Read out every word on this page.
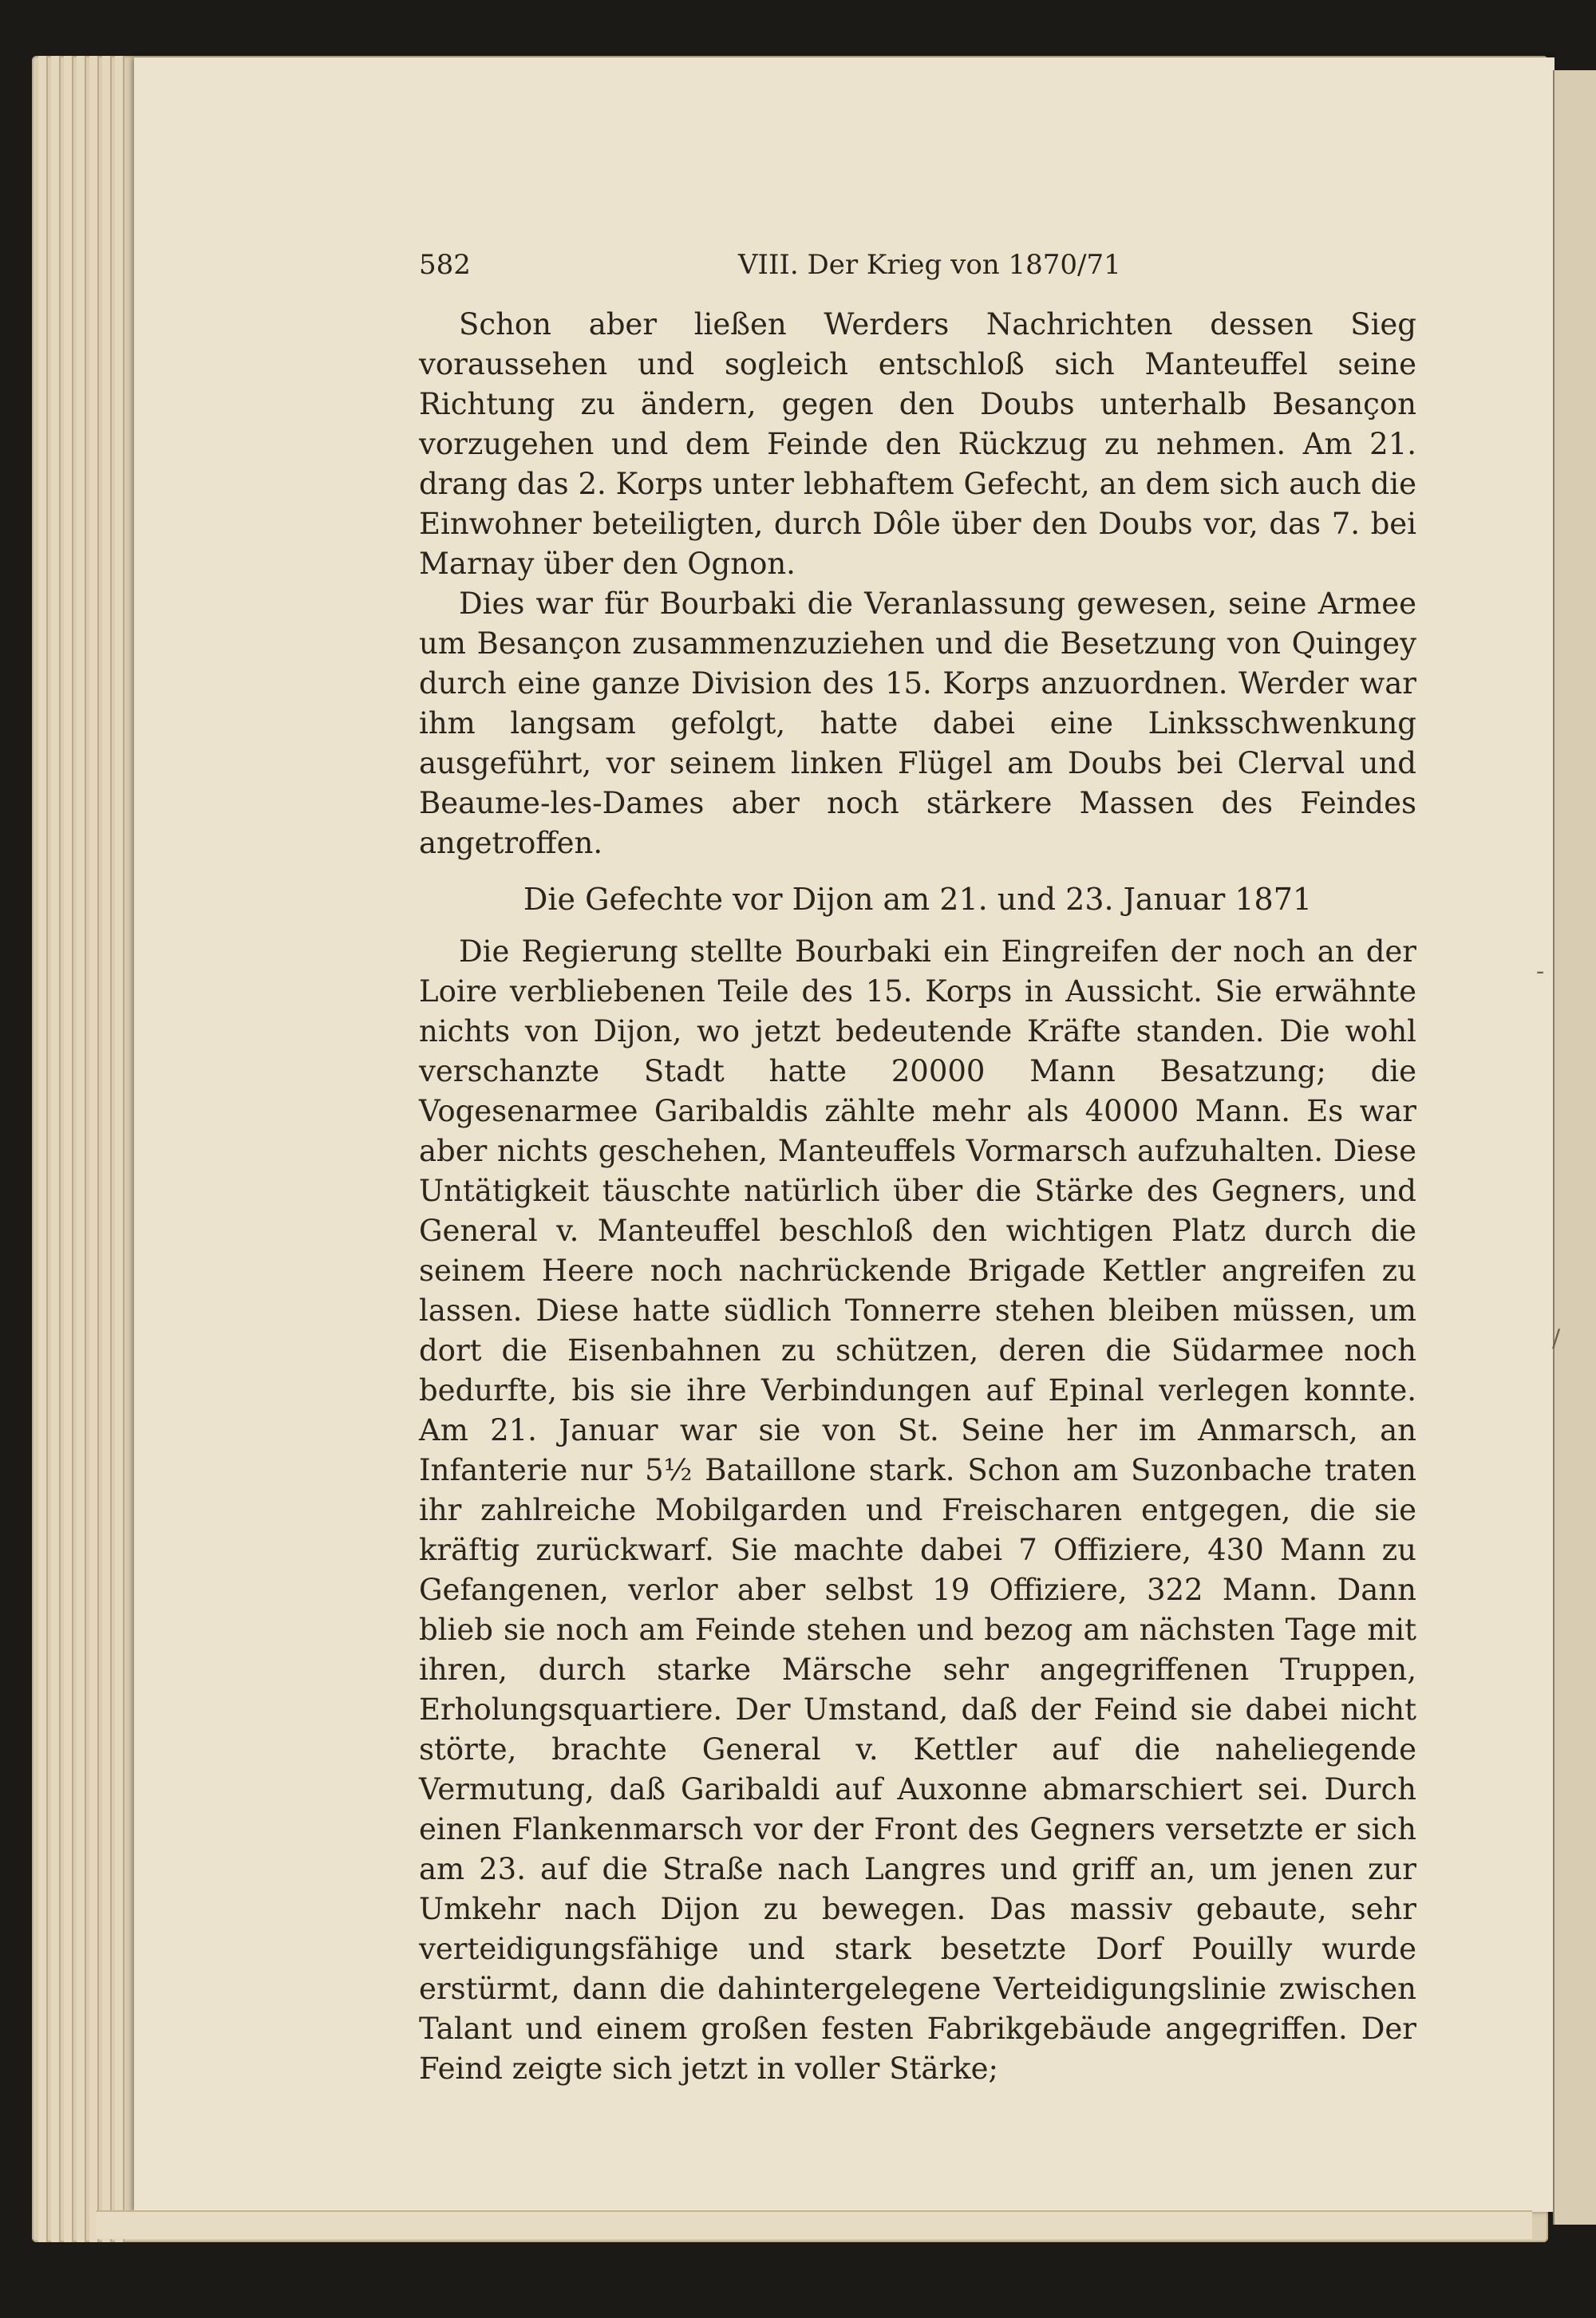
582	VIII. Der Krieg von 1870/71

Schon aber ließen Werders Nachrichten dessen Sieg voraussehen und sogleich entschloß sich Manteuffel seine Richtung zu ändern, gegen den Doubs unterhalb Besançon vorzugehen und dem Feinde den Rückzug zu nehmen. Am 21. drang das 2. Korps unter lebhaftem Gefecht, an dem sich auch die Einwohner beteiligten, durch Dôle über den Doubs vor, das 7. bei Marnay über den Ognon.

Dies war für Bourbaki die Veranlassung gewesen, seine Armee um Besançon zusammenzuziehen und die Besetzung von Quingey durch eine ganze Division des 15. Korps anzuordnen. Werder war ihm langsam gefolgt, hatte dabei eine Linksschwenkung ausgeführt, vor seinem linken Flügel am Doubs bei Clerval und Beaume-les-Dames aber noch stärkere Massen des Feindes angetroffen.

Die Gefechte vor Dijon am 21. und 23. Januar 1871

Die Regierung stellte Bourbaki ein Eingreifen der noch an der Loire verbliebenen Teile des 15. Korps in Aussicht. Sie erwähnte nichts von Dijon, wo jetzt bedeutende Kräfte standen. Die wohl verschanzte Stadt hatte 20000 Mann Besatzung; die Vogesenarmee Garibaldis zählte mehr als 40000 Mann. Es war aber nichts geschehen, Manteuffels Vormarsch aufzuhalten. Diese Untätigkeit täuschte natürlich über die Stärke des Gegners, und General v. Manteuffel beschloß den wichtigen Platz durch die seinem Heere noch nachrückende Brigade Kettler angreifen zu lassen. Diese hatte südlich Tonnerre stehen bleiben müssen, um dort die Eisenbahnen zu schützen, deren die Südarmee noch bedurfte, bis sie ihre Verbindungen auf Epinal verlegen konnte. Am 21. Januar war sie von St. Seine her im Anmarsch, an Infanterie nur 5½ Bataillone stark. Schon am Suzonbache traten ihr zahlreiche Mobilgarden und Freischaren entgegen, die sie kräftig zurückwarf. Sie machte dabei 7 Offiziere, 430 Mann zu Gefangenen, verlor aber selbst 19 Offiziere, 322 Mann. Dann blieb sie noch am Feinde stehen und bezog am nächsten Tage mit ihren, durch starke Märsche sehr angegriffenen Truppen, Erholungsquartiere. Der Umstand, daß der Feind sie dabei nicht störte, brachte General v. Kettler auf die naheliegende Vermutung, daß Garibaldi auf Auxonne abmarschiert sei. Durch einen Flankenmarsch vor der Front des Gegners versetzte er sich am 23. auf die Straße nach Langres und griff an, um jenen zur Umkehr nach Dijon zu bewegen. Das massiv gebaute, sehr verteidigungsfähige und stark besetzte Dorf Pouilly wurde erstürmt, dann die dahintergelegene Verteidigungslinie zwischen Talant und einem großen festen Fabrikgebäude angegriffen. Der Feind zeigte sich jetzt in voller Stärke;

‐
/
